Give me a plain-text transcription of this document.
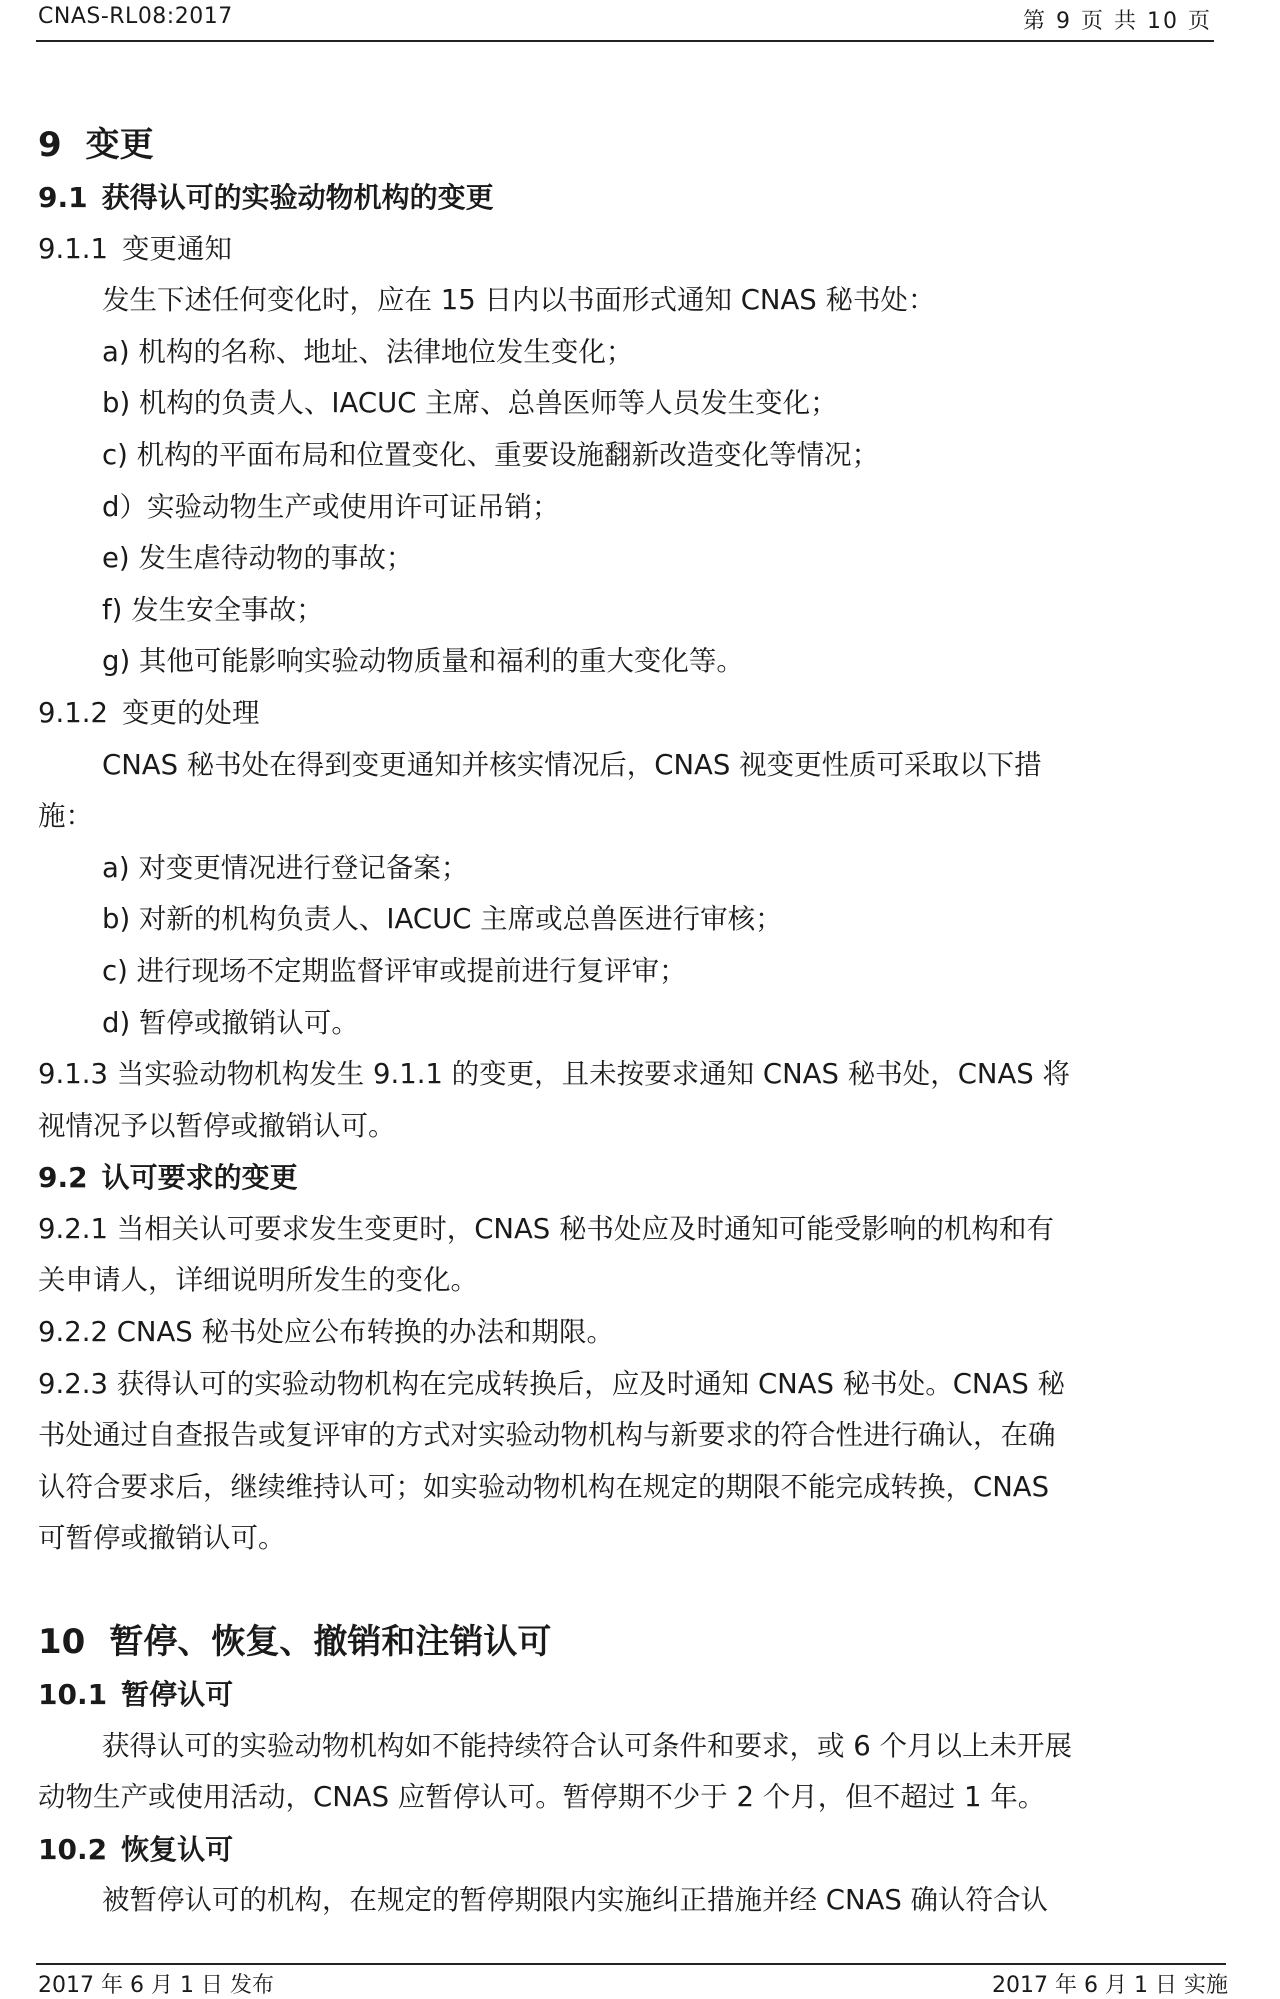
CNAS-RL08:2017	第 9 页 共 10 页
9 变更
9.1 获得认可的实验动物机构的变更
9.1.1 变更通知
发生下述任何变化时，应在 15 日内以书面形式通知 CNAS 秘书处：
a) 机构的名称、地址、法律地位发生变化；
b) 机构的负责人、IACUC 主席、总兽医师等人员发生变化；
c) 机构的平面布局和位置变化、重要设施翻新改造变化等情况；
d）实验动物生产或使用许可证吊销；
e) 发生虐待动物的事故；
f) 发生安全事故；
g) 其他可能影响实验动物质量和福利的重大变化等。
9.1.2 变更的处理
CNAS 秘书处在得到变更通知并核实情况后，CNAS 视变更性质可采取以下措
施：
a) 对变更情况进行登记备案；
b) 对新的机构负责人、IACUC 主席或总兽医进行审核；
c) 进行现场不定期监督评审或提前进行复评审；
d) 暂停或撤销认可。
9.1.3 当实验动物机构发生 9.1.1 的变更，且未按要求通知 CNAS 秘书处，CNAS 将
视情况予以暂停或撤销认可。
9.2 认可要求的变更
9.2.1 当相关认可要求发生变更时，CNAS 秘书处应及时通知可能受影响的机构和有
关申请人，详细说明所发生的变化。
9.2.2 CNAS 秘书处应公布转换的办法和期限。
9.2.3 获得认可的实验动物机构在完成转换后，应及时通知 CNAS 秘书处。CNAS 秘
书处通过自查报告或复评审的方式对实验动物机构与新要求的符合性进行确认，在确
认符合要求后，继续维持认可；如实验动物机构在规定的期限不能完成转换，CNAS
可暂停或撤销认可。
10 暂停、恢复、撤销和注销认可
10.1 暂停认可
获得认可的实验动物机构如不能持续符合认可条件和要求，或 6 个月以上未开展
动物生产或使用活动，CNAS 应暂停认可。暂停期不少于 2 个月，但不超过 1 年。
10.2 恢复认可
被暂停认可的机构，在规定的暂停期限内实施纠正措施并经 CNAS 确认符合认
2017 年 6 月 1 日 发布	2017 年 6 月 1 日 实施
